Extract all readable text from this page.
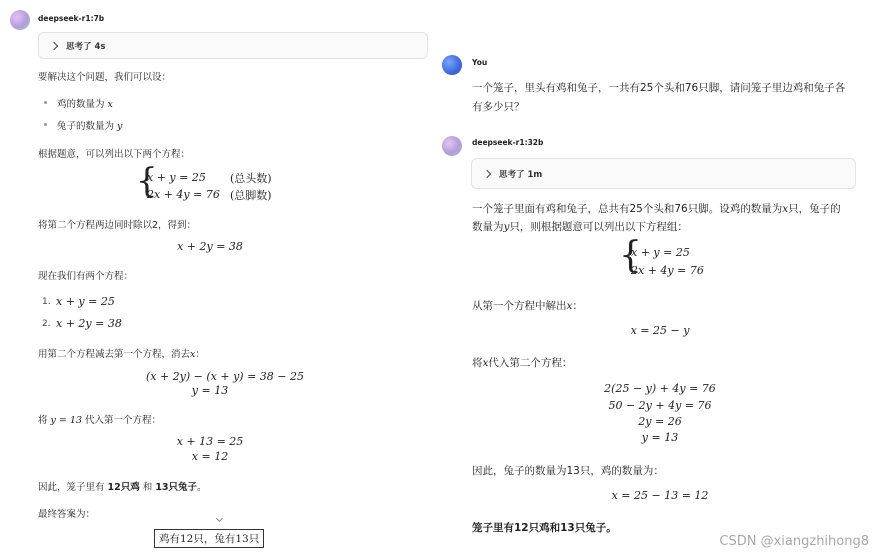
deepseek-r1:7b
思考了 4s
要解决这个问题，我们可以设：
鸡的数量为 x
兔子的数量为 y
根据题意，可以列出以下两个方程：
{
x + y = 25 (总头数)
2x + 4y = 76 (总脚数)
将第二个方程两边同时除以2，得到：
x + 2y = 38
现在我们有两个方程：
1. x + y = 25
2. x + 2y = 38
用第二个方程减去第一个方程，消去x：
(x + 2y) − (x + y) = 38 − 25
y = 13
将 y = 13 代入第一个方程：
x + 13 = 25
x = 12
因此，笼子里有 12只鸡 和 13只兔子。
最终答案为：
鸡有12只，兔有13只
You
一个笼子，里头有鸡和兔子，一共有25个头和76只脚，请问笼子里边鸡和兔子各
有多少只？
deepseek-r1:32b
思考了 1m
一个笼子里面有鸡和兔子，总共有25个头和76只脚。设鸡的数量为x只，兔子的
数量为y只，则根据题意可以列出以下方程组：
{
x + y = 25
2x + 4y = 76
从第一个方程中解出x：
x = 25 − y
将x代入第二个方程：
2(25 − y) + 4y = 76
50 − 2y + 4y = 76
2y = 26
y = 13
因此，兔子的数量为13只，鸡的数量为：
x = 25 − 13 = 12
笼子里有12只鸡和13只兔子。
CSDN @xiangzhihong8
